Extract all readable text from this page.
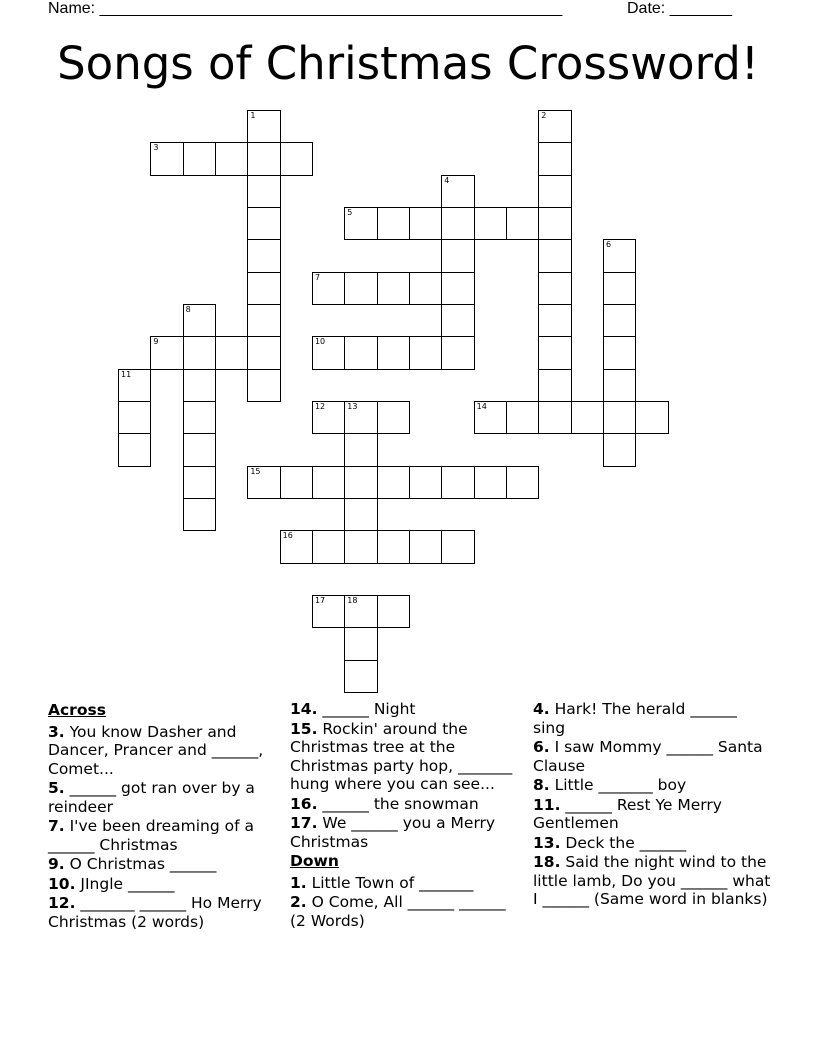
Name: ____________________________________________________	Date: _______
Songs of Christmas Crossword!
1	2
3
4
5
6
7
8
9	10
11
12	13	14
15
16
17	18
Across
3. You know Dasher and Dancer, Prancer and ______, Comet...
5. ______ got ran over by a reindeer
7. I've been dreaming of a ______ Christmas
9. O Christmas ______
10. JIngle ______
12. _______ ______ Ho Merry Christmas (2 words)
14. ______ Night
15. Rockin' around the Christmas tree at the Christmas party hop, _______ hung where you can see...
16. ______ the snowman
17. We ______ you a Merry Christmas
Down
1. Little Town of _______
2. O Come, All ______ ______ (2 Words)
4. Hark! The herald ______ sing
6. I saw Mommy ______ Santa Clause
8. Little _______ boy
11. ______ Rest Ye Merry Gentlemen
13. Deck the ______
18. Said the night wind to the little lamb, Do you ______ what I ______ (Same word in blanks)
